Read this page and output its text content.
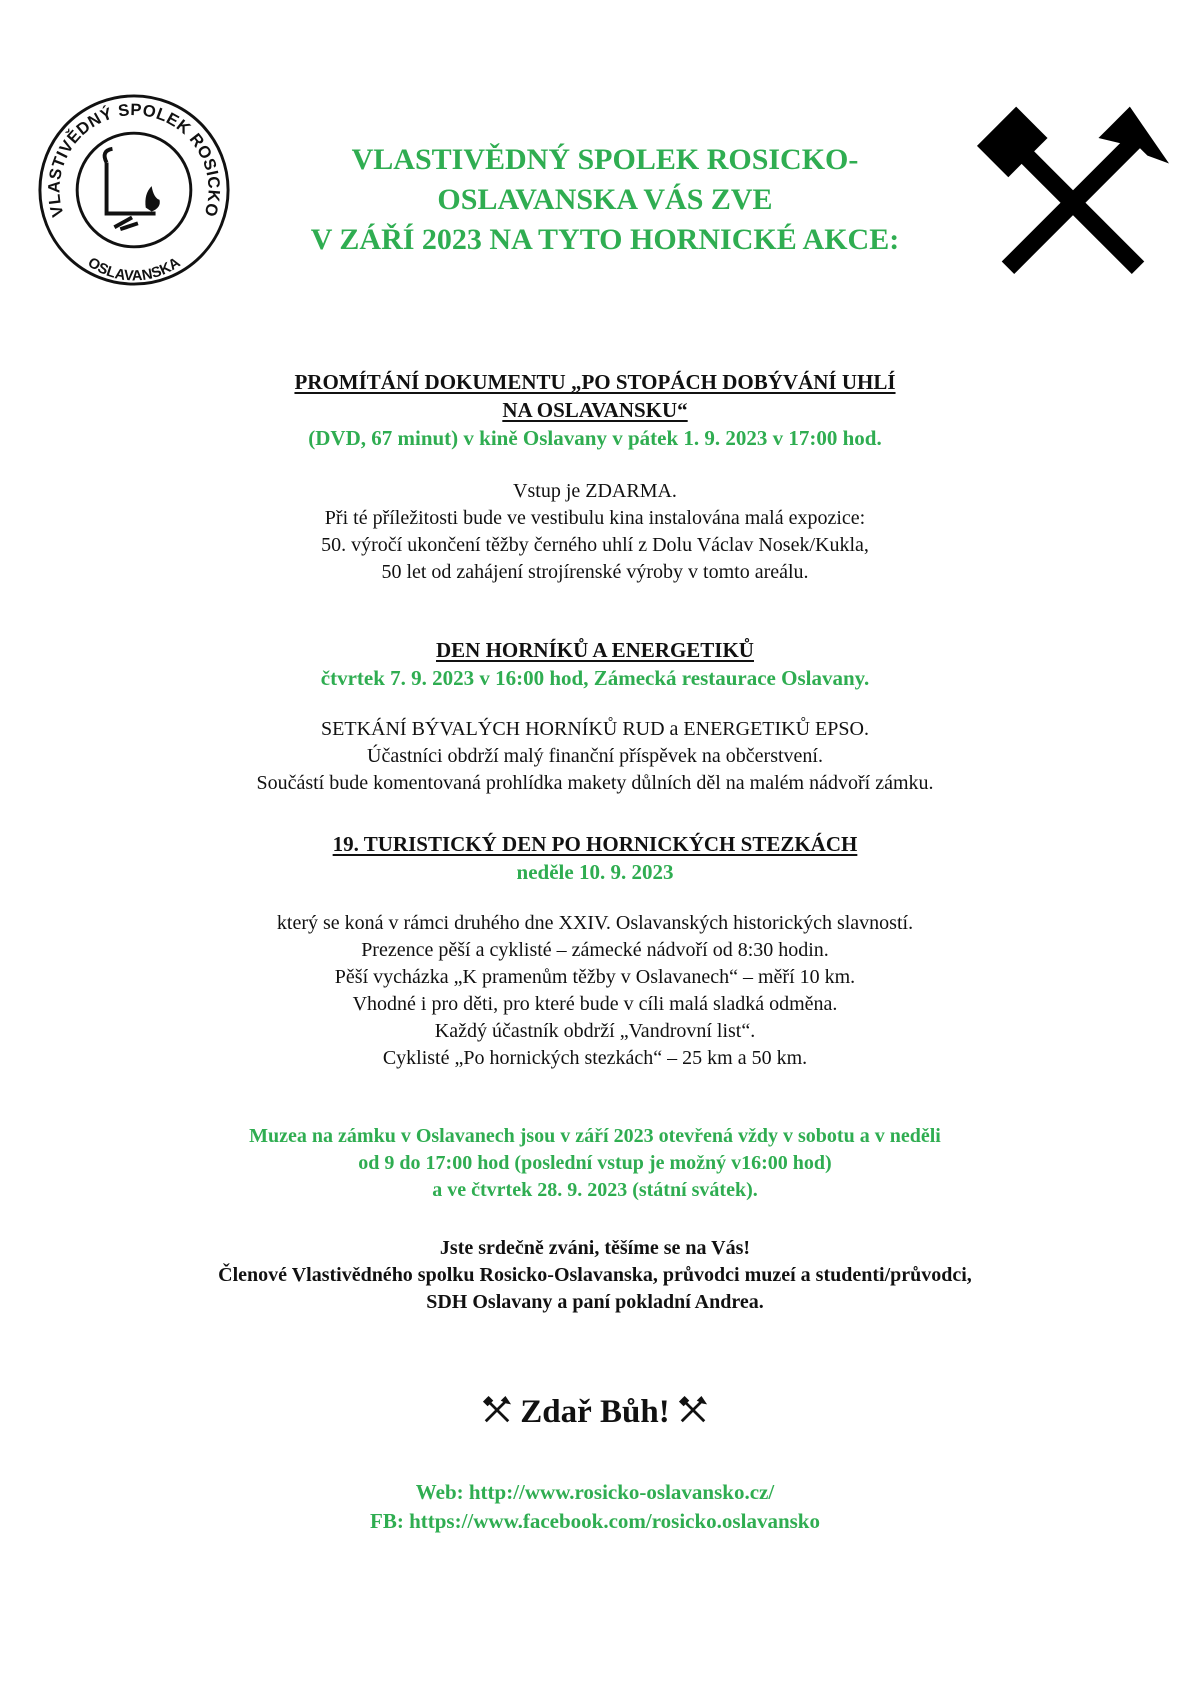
VLASTIVĚDNÝ SPOLEK ROSICKO
OSLAVANSKA
VLASTIVĚDNÝ SPOLEK ROSICKO-
OSLAVANSKA VÁS ZVE
V ZÁŘÍ 2023 NA TYTO HORNICKÉ AKCE:
PROMÍTÁNÍ DOKUMENTU „PO STOPÁCH DOBÝVÁNÍ UHLÍ
NA OSLAVANSKU“
(DVD, 67 minut) v kině Oslavany v pátek 1. 9. 2023 v 17:00 hod.
Vstup je ZDARMA.
Při té příležitosti bude ve vestibulu kina instalována malá expozice:
50. výročí ukončení těžby černého uhlí z Dolu Václav Nosek/Kukla,
50 let od zahájení strojírenské výroby v tomto areálu.
DEN HORNÍKŮ A ENERGETIKŮ
čtvrtek 7. 9. 2023 v 16:00 hod, Zámecká restaurace Oslavany.
SETKÁNÍ BÝVALÝCH HORNÍKŮ RUD a ENERGETIKŮ EPSO.
Účastníci obdrží malý finanční příspěvek na občerstvení.
Součástí bude komentovaná prohlídka makety důlních děl na malém nádvoří zámku.
19. TURISTICKÝ DEN PO HORNICKÝCH STEZKÁCH
neděle 10. 9. 2023
který se koná v rámci druhého dne XXIV. Oslavanských historických slavností.
Prezence pěší a cyklisté – zámecké nádvoří od 8:30 hodin.
Pěší vycházka „K pramenům těžby v Oslavanech“ – měří 10 km.
Vhodné i pro děti, pro které bude v cíli malá sladká odměna.
Každý účastník obdrží „Vandrovní list“.
Cyklisté „Po hornických stezkách“ – 25 km a 50 km.
Muzea na zámku v Oslavanech jsou v září 2023 otevřená vždy v sobotu a v neděli
od 9 do 17:00 hod (poslední vstup je možný v16:00 hod)
a ve čtvrtek 28. 9. 2023 (státní svátek).
Jste srdečně zváni, těšíme se na Vás!
Členové Vlastivědného spolku Rosicko-Oslavanska, průvodci muzeí a studenti/průvodci,
SDH Oslavany a paní pokladní Andrea.
Zdař Bůh!
Web: http://www.rosicko-oslavansko.cz/
FB: https://www.facebook.com/rosicko.oslavansko
